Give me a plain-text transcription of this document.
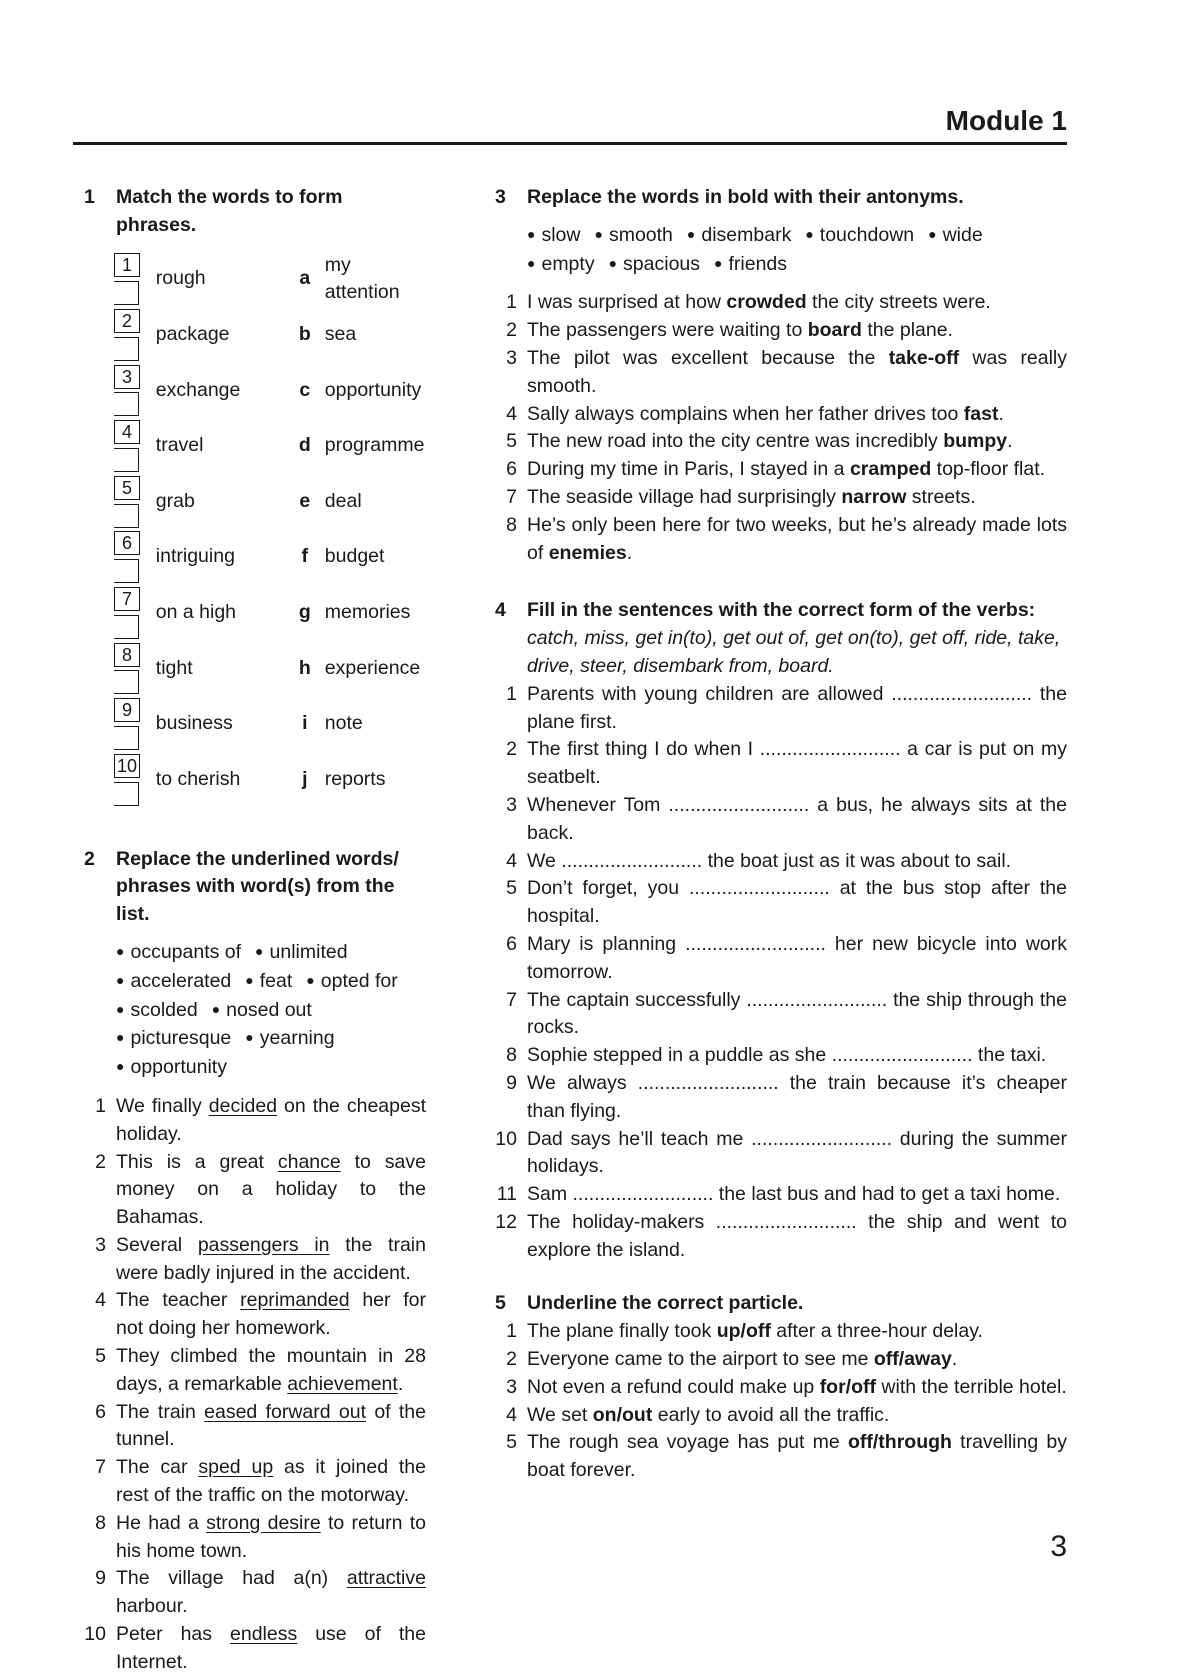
Module 1
1	Match the words to form phrases.
1	rough	a	my attention
2	package	b	sea
3	exchange	c	opportunity
4	travel	d	programme
5	grab	e	deal
6	intriguing	f	budget
7	on a high	g	memories
8	tight	h	experience
9	business	i	note
10	to cherish	j	reports
2	Replace the underlined words/ phrases with word(s) from the list.
● occupants of ● unlimited
● accelerated ● feat ● opted for
● scolded ● nosed out
● picturesque ● yearning
● opportunity
1 We finally decided on the cheapest holiday.
2 This is a great chance to save money on a holiday to the Bahamas.
3 Several passengers in the train were badly injured in the accident.
4 The teacher reprimanded her for not doing her homework.
5 They climbed the mountain in 28 days, a remarkable achievement.
6 The train eased forward out of the tunnel.
7 The car sped up as it joined the rest of the traffic on the motorway.
8 He had a strong desire to return to his home town.
9 The village had a(n) attractive harbour.
10 Peter has endless use of the Internet.
3	Replace the words in bold with their antonyms.
● slow ● smooth ● disembark ● touchdown ● wide
● empty ● spacious ● friends
1 I was surprised at how crowded the city streets were.
2 The passengers were waiting to board the plane.
3 The pilot was excellent because the take-off was really smooth.
4 Sally always complains when her father drives too fast.
5 The new road into the city centre was incredibly bumpy.
6 During my time in Paris, I stayed in a cramped top-floor flat.
7 The seaside village had surprisingly narrow streets.
8 He’s only been here for two weeks, but he’s already made lots of enemies.
4	Fill in the sentences with the correct form of the verbs:
catch, miss, get in(to), get out of, get on(to), get off, ride, take, drive, steer, disembark from, board.
1 Parents with young children are allowed .......................... the plane first.
2 The first thing I do when I .......................... a car is put on my seatbelt.
3 Whenever Tom .......................... a bus, he always sits at the back.
4 We .......................... the boat just as it was about to sail.
5 Don’t forget, you .......................... at the bus stop after the hospital.
6 Mary is planning .......................... her new bicycle into work tomorrow.
7 The captain successfully .......................... the ship through the rocks.
8 Sophie stepped in a puddle as she .......................... the taxi.
9 We always .......................... the train because it’s cheaper than flying.
10 Dad says he’ll teach me .......................... during the summer holidays.
11 Sam .......................... the last bus and had to get a taxi home.
12 The holiday-makers .......................... the ship and went to explore the island.
5	Underline the correct particle.
1 The plane finally took up/off after a three-hour delay.
2 Everyone came to the airport to see me off/away.
3 Not even a refund could make up for/off with the terrible hotel.
4 We set on/out early to avoid all the traffic.
5 The rough sea voyage has put me off/through travelling by boat forever.
3
